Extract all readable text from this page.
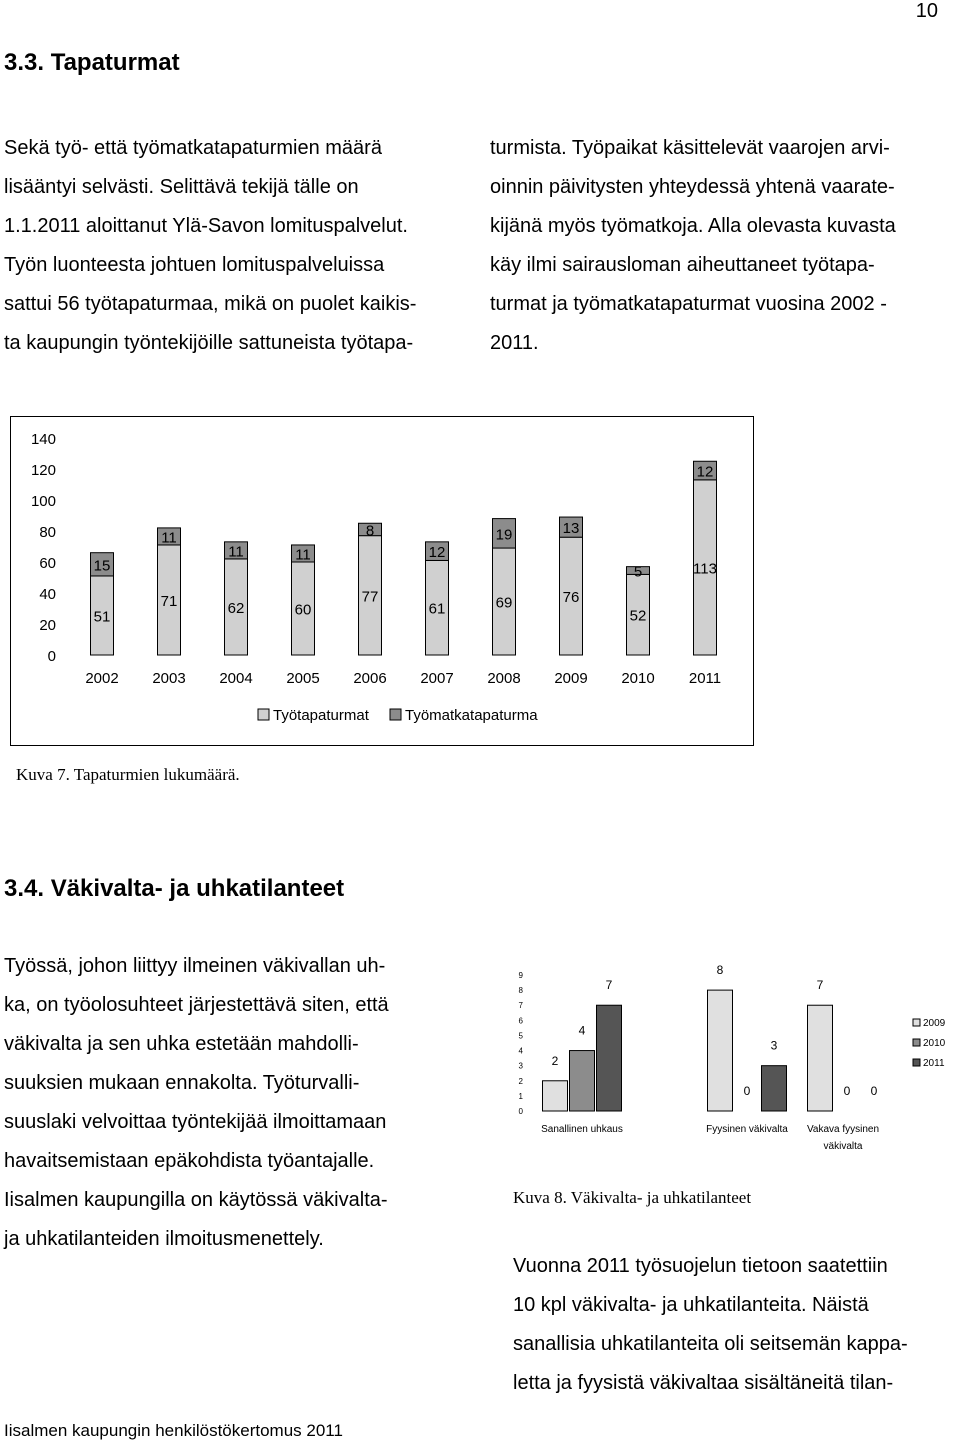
10
3.3. Tapaturmat
Sekä työ- että työmatkatapaturmien määrä
lisääntyi selvästi. Selittävä tekijä tälle on
1.1.2011 aloittanut Ylä-Savon lomituspalvelut.
Työn luonteesta johtuen lomituspalveluissa
sattui 56 työtapaturmaa, mikä on puolet kaikis-
ta kaupungin työntekijöille sattuneista työtapa-
turmista. Työpaikat käsittelevät vaarojen arvi-
oinnin päivitysten yhteydessä yhtenä vaarate-
kijänä myös työmatkoja. Alla olevasta kuvasta
käy ilmi sairausloman aiheuttaneet työtapa-
turmat ja työmatkatapaturmat vuosina 2002 -
2011.
0
20
40
60
80
100
120
140
51
15
2002
71
11
2003
62
11
2004
60
11
2005
77
8
2006
61
12
2007
69
19
2008
76
13
2009
52
5
2010
113
12
2011
Työtapaturmat Työmatkatapaturma
Kuva 7. Tapaturmien lukumäärä.
3.4. Väkivalta- ja uhkatilanteet
Työssä, johon liittyy ilmeinen väkivallan uh-
ka, on työolosuhteet järjestettävä siten, että
väkivalta ja sen uhka estetään mahdolli-
suuksien mukaan ennakolta. Työturvalli-
suuslaki velvoittaa työntekijää ilmoittamaan
havaitsemistaan epäkohdista työantajalle.
Iisalmen kaupungilla on käytössä väkivalta-
ja uhkatilanteiden ilmoitusmenettely.
0
1
2
3
4
5
6
7
8
9
2
4
7
Sanallinen uhkaus
8
0
3
Fyysinen väkivalta
7
0 0
Vakava fyysinen
väkivalta
2009
2010
2011
Kuva 8. Väkivalta- ja uhkatilanteet
Vuonna 2011 työsuojelun tietoon saatettiin
10 kpl väkivalta- ja uhkatilanteita. Näistä
sanallisia uhkatilanteita oli seitsemän kappa-
letta ja fyysistä väkivaltaa sisältäneitä tilan-
Iisalmen kaupungin henkilöstökertomus 2011
